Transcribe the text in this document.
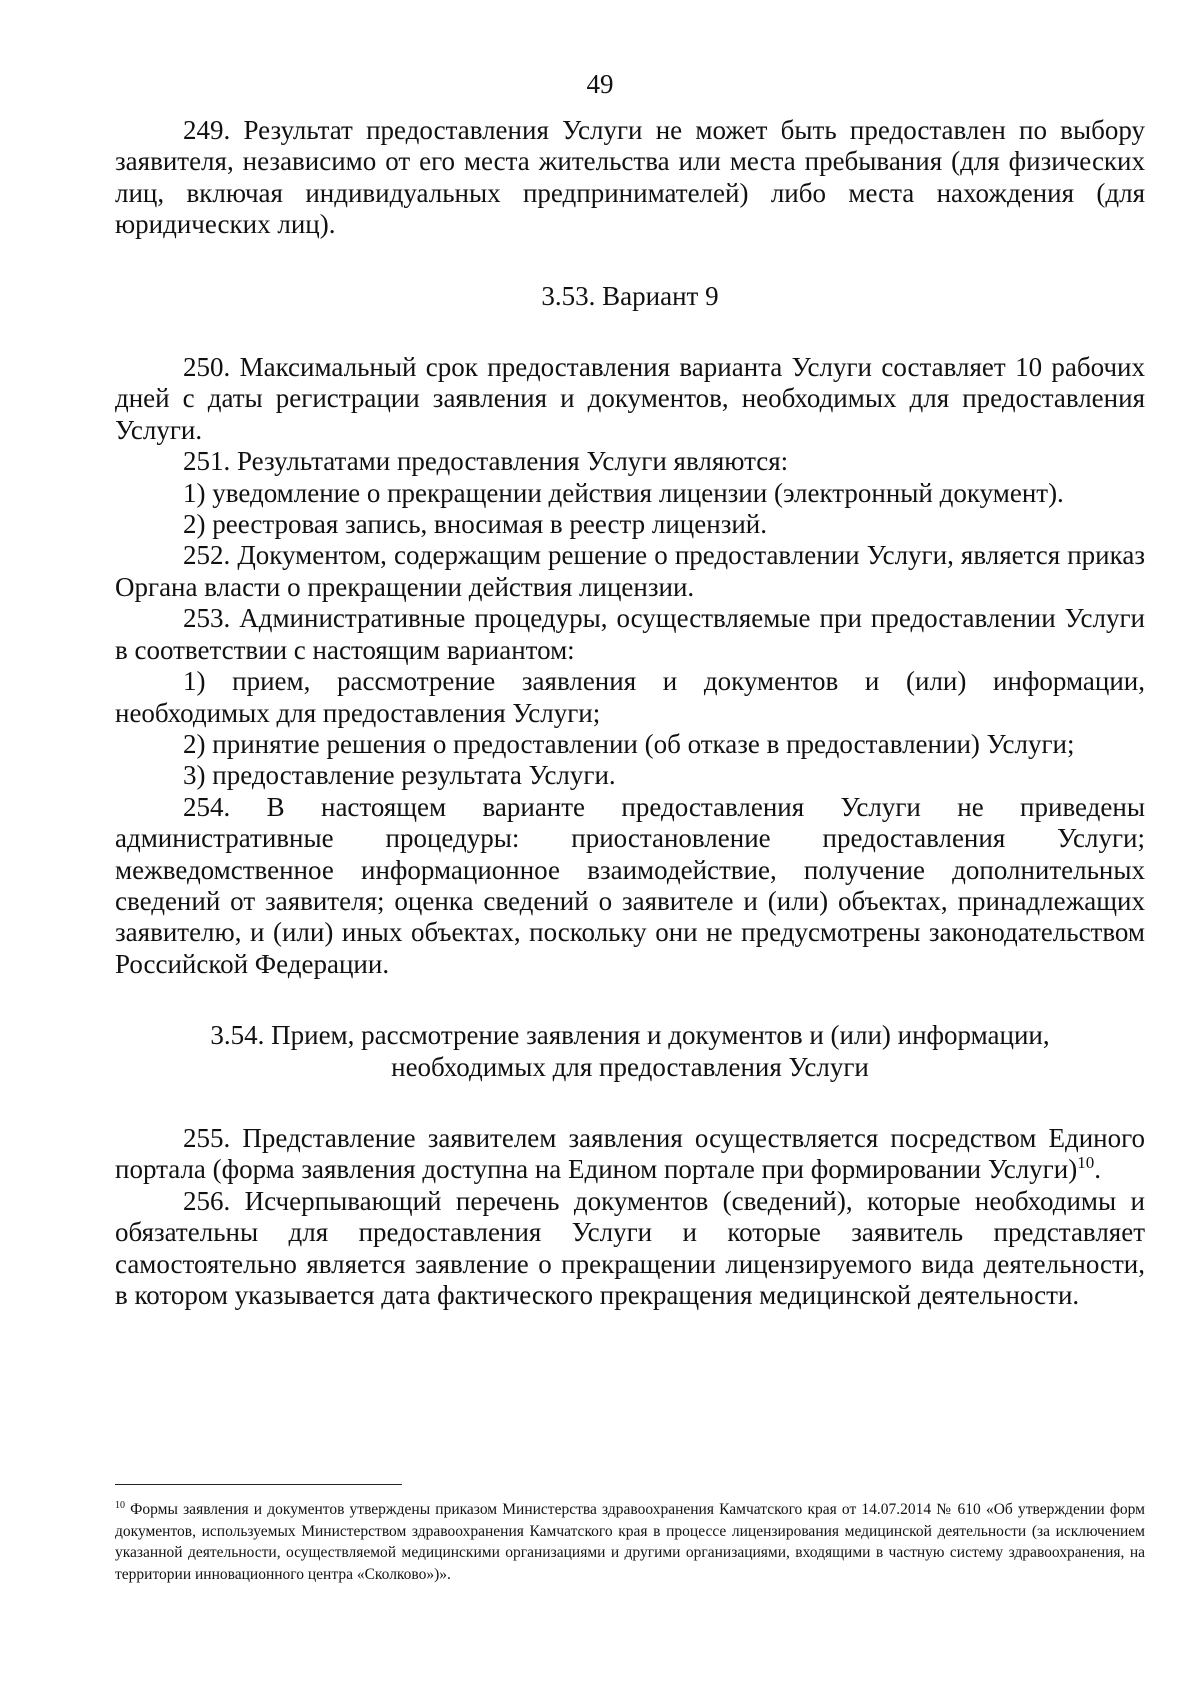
49

249. Результат предоставления Услуги не может быть предоставлен по выбору заявителя, независимо от его места жительства или места пребывания (для физических лиц, включая индивидуальных предпринимателей) либо места нахождения (для юридических лиц).

3.53. Вариант 9

250. Максимальный срок предоставления варианта Услуги составляет 10 рабочих дней с даты регистрации заявления и документов, необходимых для предоставления Услуги.

251. Результатами предоставления Услуги являются:

1) уведомление о прекращении действия лицензии (электронный документ).

2) реестровая запись, вносимая в реестр лицензий.

252. Документом, содержащим решение о предоставлении Услуги, является приказ Органа власти о прекращении действия лицензии.

253. Административные процедуры, осуществляемые при предоставлении Услуги в соответствии с настоящим вариантом:

1) прием, рассмотрение заявления и документов и (или) информации, необходимых для предоставления Услуги;

2) принятие решения о предоставлении (об отказе в предоставлении) Услуги;

3) предоставление результата Услуги.

254. В настоящем варианте предоставления Услуги не приведены административные процедуры: приостановление предоставления Услуги; межведомственное информационное взаимодействие, получение дополнительных сведений от заявителя; оценка сведений о заявителе и (или) объектах, принадлежащих заявителю, и (или) иных объектах, поскольку они не предусмотрены законодательством Российской Федерации.

3.54. Прием, рассмотрение заявления и документов и (или) информации,

необходимых для предоставления Услуги

255. Представление заявителем заявления осуществляется посредством Единого портала (форма заявления доступна на Едином портале при формировании Услуги)$^{10}$.

256. Исчерпывающий перечень документов (сведений), которые необходимы и обязательны для предоставления Услуги и которые заявитель представляет самостоятельно является заявление о прекращении лицензируемого вида деятельности, в котором указывается дата фактического прекращения медицинской деятельности.

$^{10}$ Формы заявления и документов утверждены приказом Министерства здравоохранения Камчатского края от 14.07.2014 № 610 «Об утверждении форм документов, используемых Министерством здравоохранения Камчатского края в процессе лицензирования медицинской деятельности (за исключением указанной деятельности, осуществляемой медицинскими организациями и другими организациями, входящими в частную систему здравоохранения, на территории инновационного центра «Сколково»)».
